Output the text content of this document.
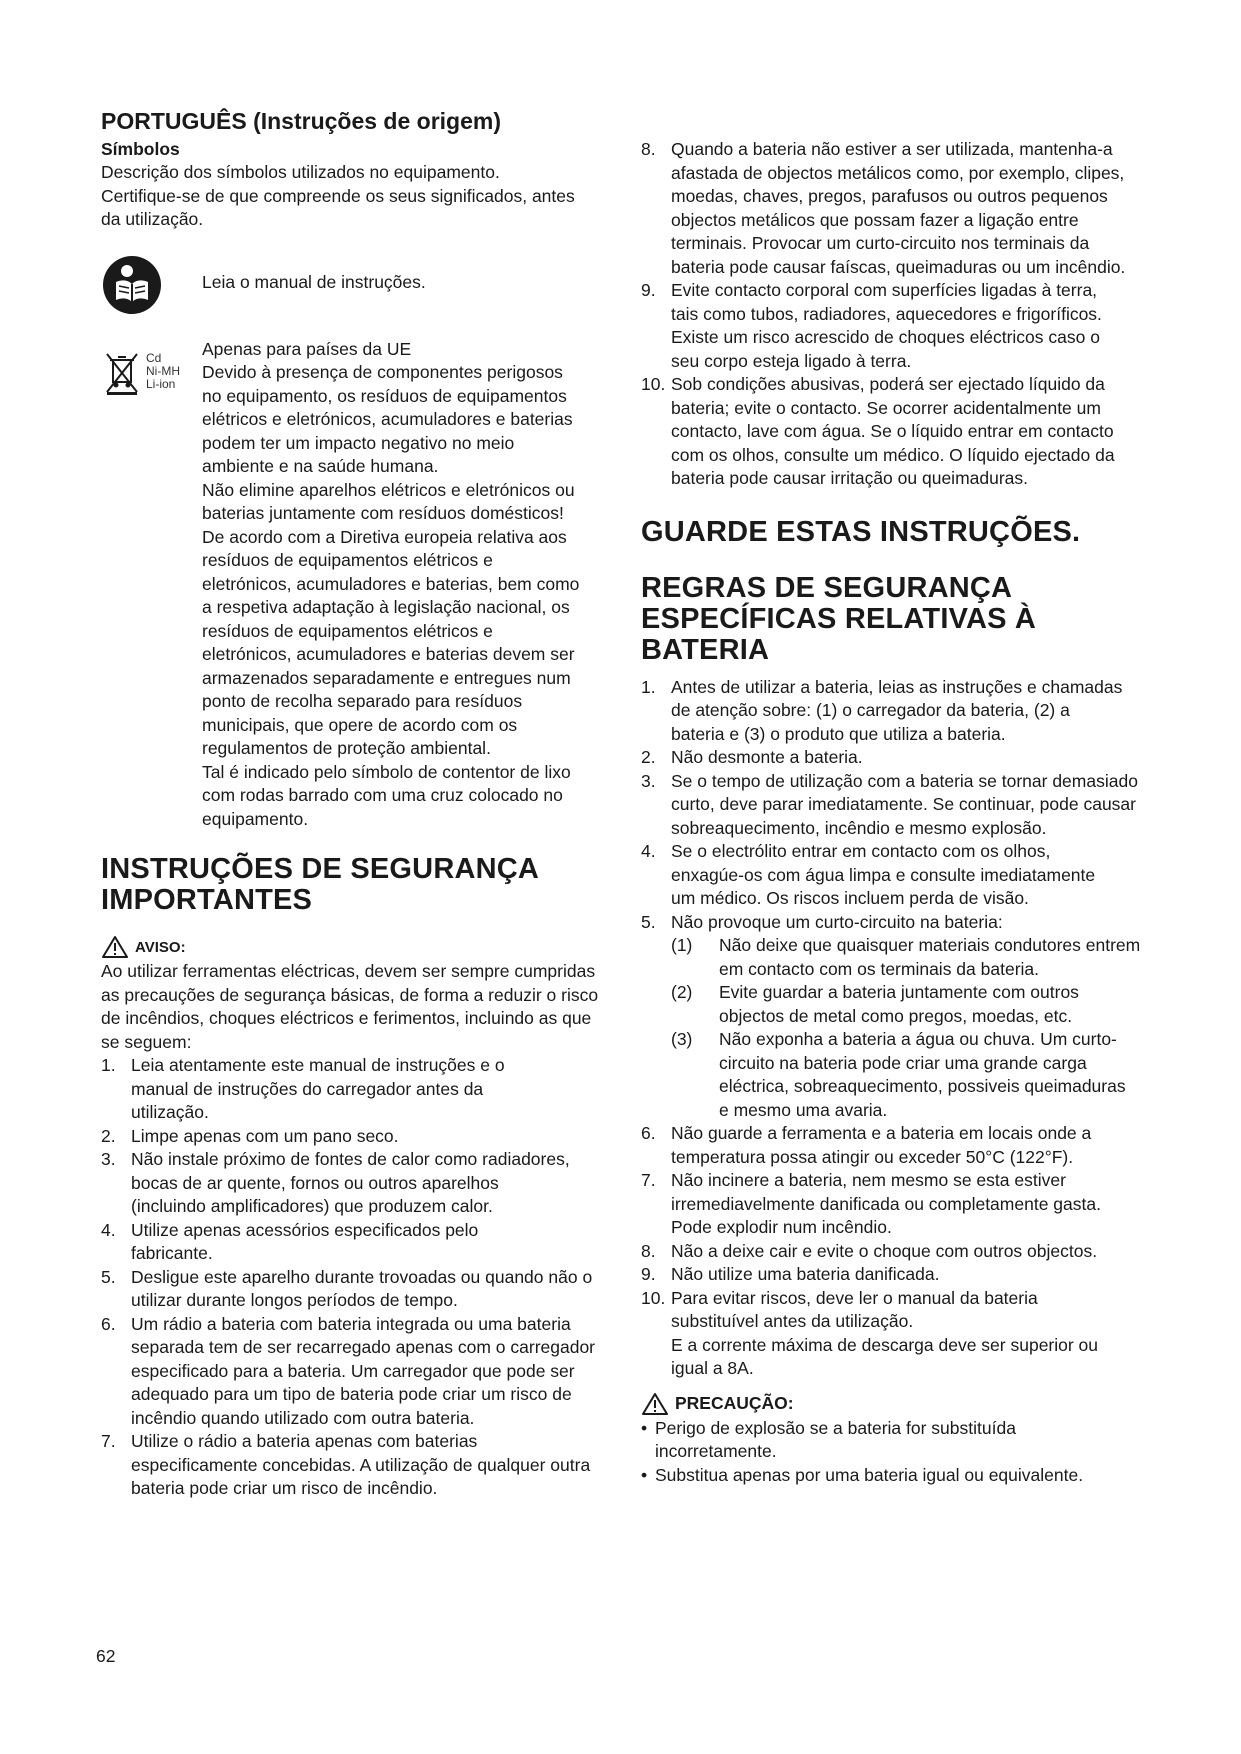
PORTUGUÊS (Instruções de origem)
Símbolos

Descrição dos símbolos utilizados no equipamento. Certifique-se de que compreende os seus significados, antes da utilização.

Leia o manual de instruções.

Cd
Ni-MH
Li-ion

Apenas para países da UE

Devido à presença de componentes perigosos no equipamento, os resíduos de equipamentos elétricos e eletrónicos, acumuladores e baterias podem ter um impacto negativo no meio ambiente e na saúde humana.

Não elimine aparelhos elétricos e eletrónicos ou baterias juntamente com resíduos domésticos!

De acordo com a Diretiva europeia relativa aos resíduos de equipamentos elétricos e eletrónicos, acumuladores e baterias, bem como a respetiva adaptação à legislação nacional, os resíduos de equipamentos elétricos e eletrónicos, acumuladores e baterias devem ser armazenados separadamente e entregues num ponto de recolha separado para resíduos municipais, que opere de acordo com os regulamentos de proteção ambiental.

Tal é indicado pelo símbolo de contentor de lixo com rodas barrado com uma cruz colocado no equipamento.

INSTRUÇÕES DE SEGURANÇA IMPORTANTES
AVISO:

Ao utilizar ferramentas eléctricas, devem ser sempre cumpridas as precauções de segurança básicas, de forma a reduzir o risco de incêndios, choques eléctricos e ferimentos, incluindo as que se seguem:

1. Leia atentamente este manual de instruções e o manual de instruções do carregador antes da utilização.
2. Limpe apenas com um pano seco.
3. Não instale próximo de fontes de calor como radiadores, bocas de ar quente, fornos ou outros aparelhos (incluindo amplificadores) que produzem calor.
4. Utilize apenas acessórios especificados pelo fabricante.
5. Desligue este aparelho durante trovoadas ou quando não o utilizar durante longos períodos de tempo.
6. Um rádio a bateria com bateria integrada ou uma bateria separada tem de ser recarregado apenas com o carregador especificado para a bateria. Um carregador que pode ser adequado para um tipo de bateria pode criar um risco de incêndio quando utilizado com outra bateria.
7. Utilize o rádio a bateria apenas com baterias especificamente concebidas. A utilização de qualquer outra bateria pode criar um risco de incêndio.
8. Quando a bateria não estiver a ser utilizada, mantenha-a afastada de objectos metálicos como, por exemplo, clipes, moedas, chaves, pregos, parafusos ou outros pequenos objectos metálicos que possam fazer a ligação entre terminais. Provocar um curto-circuito nos terminais da bateria pode causar faíscas, queimaduras ou um incêndio.
9. Evite contacto corporal com superfícies ligadas à terra, tais como tubos, radiadores, aquecedores e frigoríficos. Existe um risco acrescido de choques eléctricos caso o seu corpo esteja ligado à terra.
10. Sob condições abusivas, poderá ser ejectado líquido da bateria; evite o contacto. Se ocorrer acidentalmente um contacto, lave com água. Se o líquido entrar em contacto com os olhos, consulte um médico. O líquido ejectado da bateria pode causar irritação ou queimaduras.
GUARDE ESTAS INSTRUÇÕES.
REGRAS DE SEGURANÇA ESPECÍFICAS RELATIVAS À BATERIA
1. Antes de utilizar a bateria, leias as instruções e chamadas de atenção sobre: (1) o carregador da bateria, (2) a bateria e (3) o produto que utiliza a bateria.
2. Não desmonte a bateria.
3. Se o tempo de utilização com a bateria se tornar demasiado curto, deve parar imediatamente. Se continuar, pode causar sobreaquecimento, incêndio e mesmo explosão.
4. Se o electrólito entrar em contacto com os olhos, enxagúe-os com água limpa e consulte imediatamente um médico. Os riscos incluem perda de visão.
5. Não provoque um curto-circuito na bateria:
(1) Não deixe que quaisquer materiais condutores entrem em contacto com os terminais da bateria.
(2) Evite guardar a bateria juntamente com outros objectos de metal como pregos, moedas, etc.
(3) Não exponha a bateria a água ou chuva. Um curto-circuito na bateria pode criar uma grande carga eléctrica, sobreaquecimento, possiveis queimaduras e mesmo uma avaria.
6. Não guarde a ferramenta e a bateria em locais onde a temperatura possa atingir ou exceder 50°C (122°F).
7. Não incinere a bateria, nem mesmo se esta estiver irremediavelmente danificada ou completamente gasta. Pode explodir num incêndio.
8. Não a deixe cair e evite o choque com outros objectos.
9. Não utilize uma bateria danificada.
10. Para evitar riscos, deve ler o manual da bateria substituível antes da utilização.
E a corrente máxima de descarga deve ser superior ou igual a 8A.
PRECAUÇÃO:
• Perigo de explosão se a bateria for substituída incorretamente.
• Substitua apenas por uma bateria igual ou equivalente.
62
